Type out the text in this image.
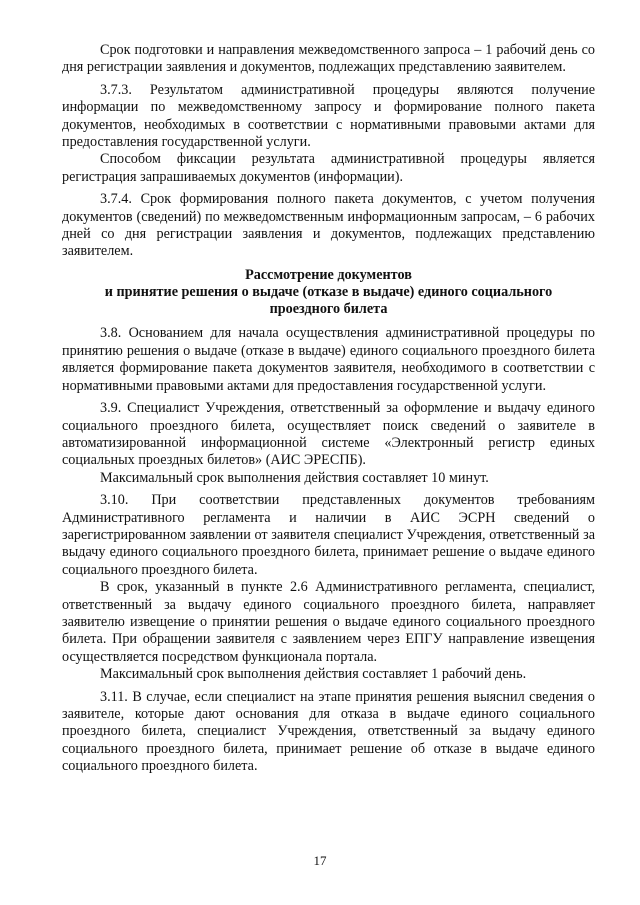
Срок подготовки и направления межведомственного запроса – 1 рабочий день со дня регистрации заявления и документов, подлежащих представлению заявителем.

3.7.3. Результатом административной процедуры являются получение информации по межведомственному запросу и формирование полного пакета документов, необходимых в соответствии с нормативными правовыми актами для предоставления государственной услуги.

Способом фиксации результата административной процедуры является регистрация запрашиваемых документов (информации).

3.7.4. Срок формирования полного пакета документов, с учетом получения документов (сведений) по межведомственным информационным запросам, – 6 рабочих дней со дня регистрации заявления и документов, подлежащих представлению заявителем.

Рассмотрение документов
и принятие решения о выдаче (отказе в выдаче) единого социального
проездного билета

3.8. Основанием для начала осуществления административной процедуры по принятию решения о выдаче (отказе в выдаче) единого социального проездного билета является формирование пакета документов заявителя, необходимого в соответствии с нормативными правовыми актами для предоставления государственной услуги.

3.9. Специалист Учреждения, ответственный за оформление и выдачу единого социального проездного билета, осуществляет поиск сведений о заявителе в автоматизированной информационной системе «Электронный регистр единых социальных проездных билетов» (АИС ЭРЕСПБ).

Максимальный срок выполнения действия составляет 10 минут.

3.10. При соответствии представленных документов требованиям Административного регламента и наличии в АИС ЭСРН сведений о зарегистрированном заявлении от заявителя специалист Учреждения, ответственный за выдачу единого социального проездного билета, принимает решение о выдаче единого социального проездного билета.

В срок, указанный в пункте 2.6 Административного регламента, специалист, ответственный за выдачу единого социального проездного билета, направляет заявителю извещение о принятии решения о выдаче единого социального проездного билета. При обращении заявителя с заявлением через ЕПГУ направление извещения осуществляется посредством функционала портала.

Максимальный срок выполнения действия составляет 1 рабочий день.

3.11. В случае, если специалист на этапе принятия решения выяснил сведения о заявителе, которые дают основания для отказа в выдаче единого социального проездного билета, специалист Учреждения, ответственный за выдачу единого социального проездного билета, принимает решение об отказе в выдаче единого социального проездного билета.

17
